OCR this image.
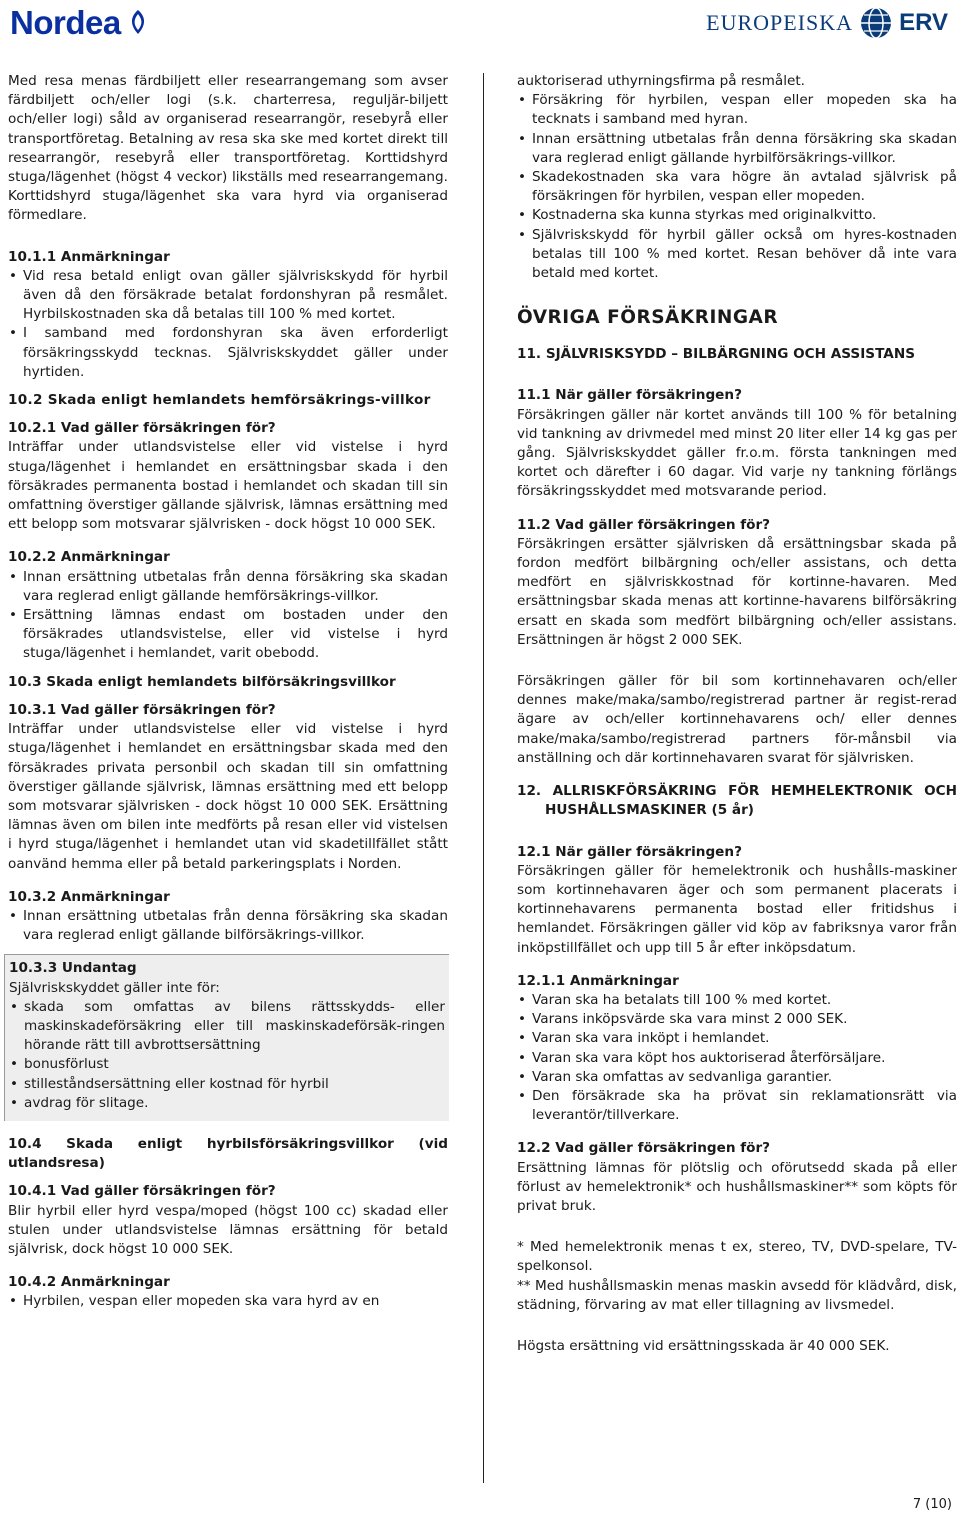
Nordea	EUROPEISKA ERV

Med resa menas färdbiljett eller researrangemang som avser färdbiljett och/eller logi (s.k. charterresa, reguljär-biljett och/eller logi) såld av organiserad researrangör, resebyrå eller transportföretag. Betalning av resa ska ske med kortet direkt till researrangör, resebyrå eller transportföretag. Korttidshyrd stuga/lägenhet (högst 4 veckor) likställs med researrangemang. Korttidshyrd stuga/lägenhet ska vara hyrd via organiserad förmedlare.

10.1.1 Anmärkningar

• Vid resa betald enligt ovan gäller självriskskydd för hyrbil även då den försäkrade betalat fordonshyran på resmålet. Hyrbilskostnaden ska då betalas till 100 % med kortet.
• I samband med fordonshyran ska även erforderligt försäkringsskydd tecknas. Självriskskyddet gäller under hyrtiden.

10.2 Skada enligt hemlandets hemförsäkrings-villkor

10.2.1 Vad gäller försäkringen för?

Inträffar under utlandsvistelse eller vid vistelse i hyrd stuga/lägenhet i hemlandet en ersättningsbar skada i den försäkrades permanenta bostad i hemlandet och skadan till sin omfattning överstiger gällande självrisk, lämnas ersättning med ett belopp som motsvarar självrisken - dock högst 10 000 SEK.

10.2.2 Anmärkningar

• Innan ersättning utbetalas från denna försäkring ska skadan vara reglerad enligt gällande hemförsäkrings-villkor.
• Ersättning lämnas endast om bostaden under den försäkrades utlandsvistelse, eller vid vistelse i hyrd stuga/lägenhet i hemlandet, varit obebodd.

10.3 Skada enligt hemlandets bilförsäkringsvillkor

10.3.1 Vad gäller försäkringen för?

Inträffar under utlandsvistelse eller vid vistelse i hyrd stuga/lägenhet i hemlandet en ersättningsbar skada med den försäkrades privata personbil och skadan till sin omfattning överstiger gällande självrisk, lämnas ersättning med ett belopp som motsvarar självrisken - dock högst 10 000 SEK. Ersättning lämnas även om bilen inte medförts på resan eller vid vistelsen i hyrd stuga/lägenhet i hemlandet utan vid skadetillfället stått oanvänd hemma eller på betald parkeringsplats i Norden.

10.3.2 Anmärkningar

• Innan ersättning utbetalas från denna försäkring ska skadan vara reglerad enligt gällande bilförsäkrings-villkor.

10.3.3 Undantag

Självriskskyddet gäller inte för:

• skada som omfattas av bilens rättsskydds- eller maskinskadeförsäkring eller till maskinskadeförsäk-ringen hörande rätt till avbrottsersättning
• bonusförlust
• stilleståndsersättning eller kostnad för hyrbil
• avdrag för slitage.

10.4 Skada enligt hyrbilsförsäkringsvillkor (vid utlandsresa)

10.4.1 Vad gäller försäkringen för?

Blir hyrbil eller hyrd vespa/moped (högst 100 cc) skadad eller stulen under utlandsvistelse lämnas ersättning för betald självrisk, dock högst 10 000 SEK.

10.4.2 Anmärkningar

• Hyrbilen, vespan eller mopeden ska vara hyrd av en

auktoriserad uthyrningsfirma på resmålet.

• Försäkring för hyrbilen, vespan eller mopeden ska ha tecknats i samband med hyran.
• Innan ersättning utbetalas från denna försäkring ska skadan vara reglerad enligt gällande hyrbilförsäkrings-villkor.
• Skadekostnaden ska vara högre än avtalad självrisk på försäkringen för hyrbilen, vespan eller mopeden.
• Kostnaderna ska kunna styrkas med originalkvitto.
• Självriskskydd för hyrbil gäller också om hyres-kostnaden betalas till 100 % med kortet. Resan behöver då inte vara betald med kortet.

ÖVRIGA FÖRSÄKRINGAR

11. SJÄLVRISKSYDD – BILBÄRGNING OCH ASSISTANS

11.1 När gäller försäkringen?

Försäkringen gäller när kortet används till 100 % för betalning vid tankning av drivmedel med minst 20 liter eller 14 kg gas per gång. Självriskskyddet gäller fr.o.m. första tankningen med kortet och därefter i 60 dagar. Vid varje ny tankning förlängs försäkringsskyddet med motsvarande period.

11.2 Vad gäller försäkringen för?

Försäkringen ersätter självrisken då ersättningsbar skada på fordon medfört bilbärgning och/eller assistans, och detta medfört en självriskkostnad för kortinne-havaren. Med ersättningsbar skada menas att kortinne-havarens bilförsäkring ersatt en skada som medfört bilbärgning och/eller assistans. Ersättningen är högst 2 000 SEK.

Försäkringen gäller för bil som kortinnehavaren och/eller dennes make/maka/sambo/registrerad partner är regist-rerad ägare av och/eller kortinnehavarens och/ eller dennes make/maka/sambo/registrerad partners för-månsbil via anställning och där kortinnehavaren svarat för självrisken.

12. ALLRISKFÖRSÄKRING FÖR HEMHELEKTRONIK OCH HUSHÅLLSMASKINER (5 år)

12.1 När gäller försäkringen?

Försäkringen gäller för hemelektronik och hushålls-maskiner som kortinnehavaren äger och som permanent placerats i kortinnehavarens permanenta bostad eller fritidshus i hemlandet. Försäkringen gäller vid köp av fabriksnya varor från inköpstillfället och upp till 5 år efter inköpsdatum.

12.1.1 Anmärkningar

• Varan ska ha betalats till 100 % med kortet.
• Varans inköpsvärde ska vara minst 2 000 SEK.
• Varan ska vara inköpt i hemlandet.
• Varan ska vara köpt hos auktoriserad återförsäljare.
• Varan ska omfattas av sedvanliga garantier.
• Den försäkrade ska ha prövat sin reklamationsrätt via leverantör/tillverkare.

12.2 Vad gäller försäkringen för?

Ersättning lämnas för plötslig och oförutsedd skada på eller förlust av hemelektronik* och hushållsmaskiner** som köpts för privat bruk.

* Med hemelektronik menas t ex, stereo, TV, DVD-spelare, TV-spelkonsol.

** Med hushållsmaskin menas maskin avsedd för klädvård, disk, städning, förvaring av mat eller tillagning av livsmedel.

Högsta ersättning vid ersättningsskada är 40 000 SEK.

7 (10)
